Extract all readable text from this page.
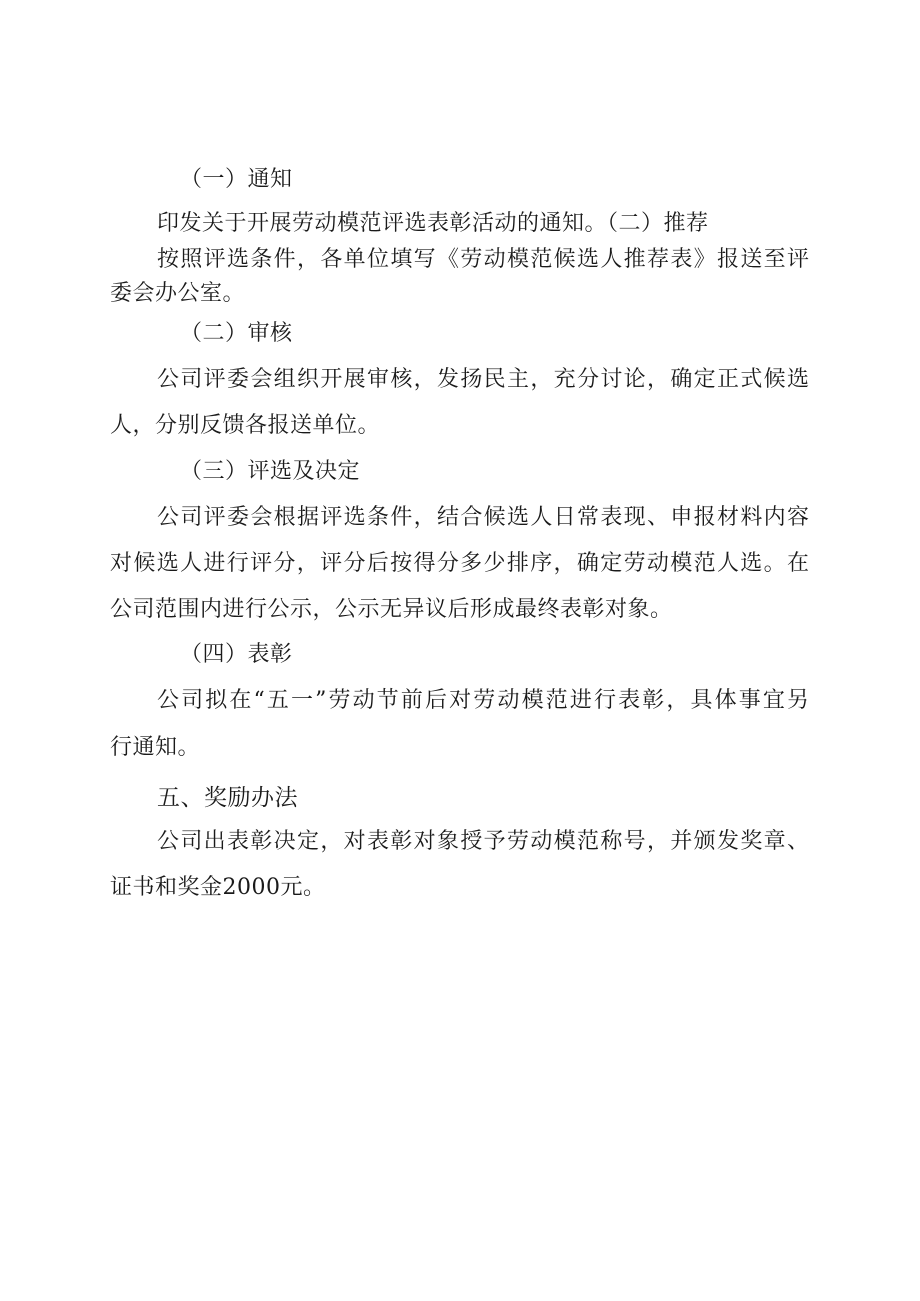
（一）通知
印发关于开展劳动模范评选表彰活动的通知。（二）推荐
按照评选条件，各单位填写《劳动模范候选人推荐表》报送至评
委会办公室。
（二）审核
公司评委会组织开展审核，发扬民主，充分讨论，确定正式候选
人，分别反馈各报送单位。
（三）评选及决定
公司评委会根据评选条件，结合候选人日常表现、申报材料内容
对候选人进行评分，评分后按得分多少排序，确定劳动模范人选。在
公司范围内进行公示，公示无异议后形成最终表彰对象。
（四）表彰
公司拟在“五一”劳动节前后对劳动模范进行表彰，具体事宜另
行通知。
五、奖励办法
公司出表彰决定，对表彰对象授予劳动模范称号，并颁发奖章、
证书和奖金2000元。
